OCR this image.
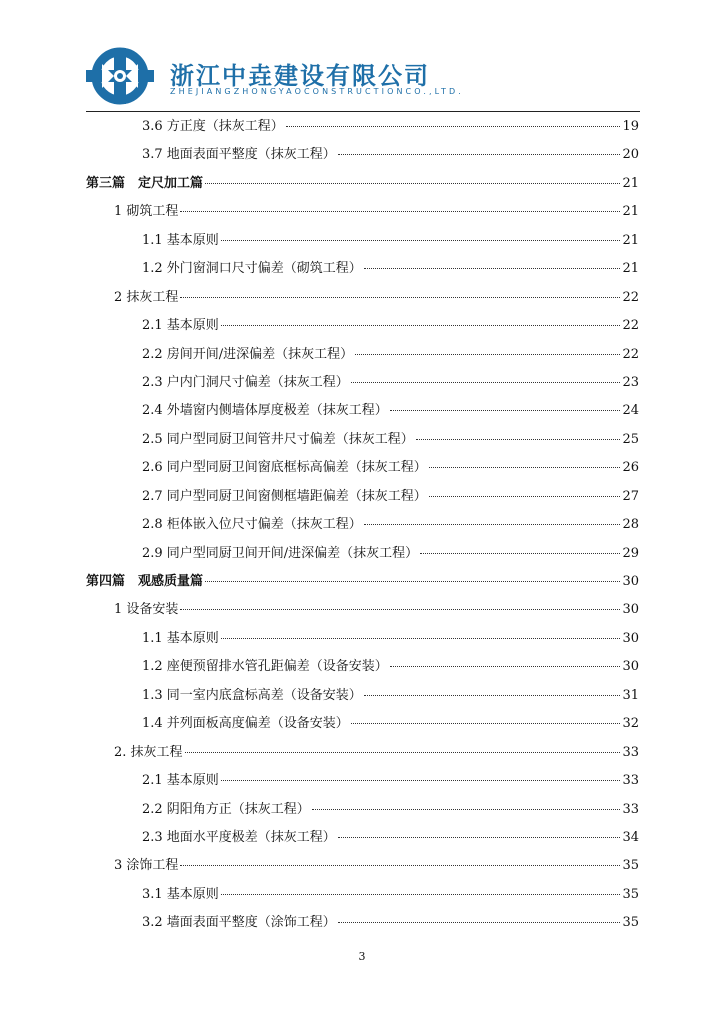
浙江中垚建设有限公司
ZHEJIANGZHONGYAOCONSTRUCTIONCO.,LTD.
3.6 方正度（抹灰工程）	19
3.7 地面表面平整度（抹灰工程）	20
第三篇　定尺加工篇	21
1 砌筑工程	21
1.1 基本原则	21
1.2 外门窗洞口尺寸偏差（砌筑工程）	21
2 抹灰工程	22
2.1 基本原则	22
2.2 房间开间/进深偏差（抹灰工程）	22
2.3 户内门洞尺寸偏差（抹灰工程）	23
2.4 外墙窗内侧墙体厚度极差（抹灰工程）	24
2.5 同户型同厨卫间管井尺寸偏差（抹灰工程）	25
2.6 同户型同厨卫间窗底框标高偏差（抹灰工程）	26
2.7 同户型同厨卫间窗侧框墙距偏差（抹灰工程）	27
2.8 柜体嵌入位尺寸偏差（抹灰工程）	28
2.9 同户型同厨卫间开间/进深偏差（抹灰工程）	29
第四篇　观感质量篇	30
1 设备安装	30
1.1 基本原则	30
1.2 座便预留排水管孔距偏差（设备安装）	30
1.3 同一室内底盒标高差（设备安装）	31
1.4 并列面板高度偏差（设备安装）	32
2. 抹灰工程	33
2.1 基本原则	33
2.2 阴阳角方正（抹灰工程）	33
2.3 地面水平度极差（抹灰工程）	34
3 涂饰工程	35
3.1 基本原则	35
3.2 墙面表面平整度（涂饰工程）	35
3
